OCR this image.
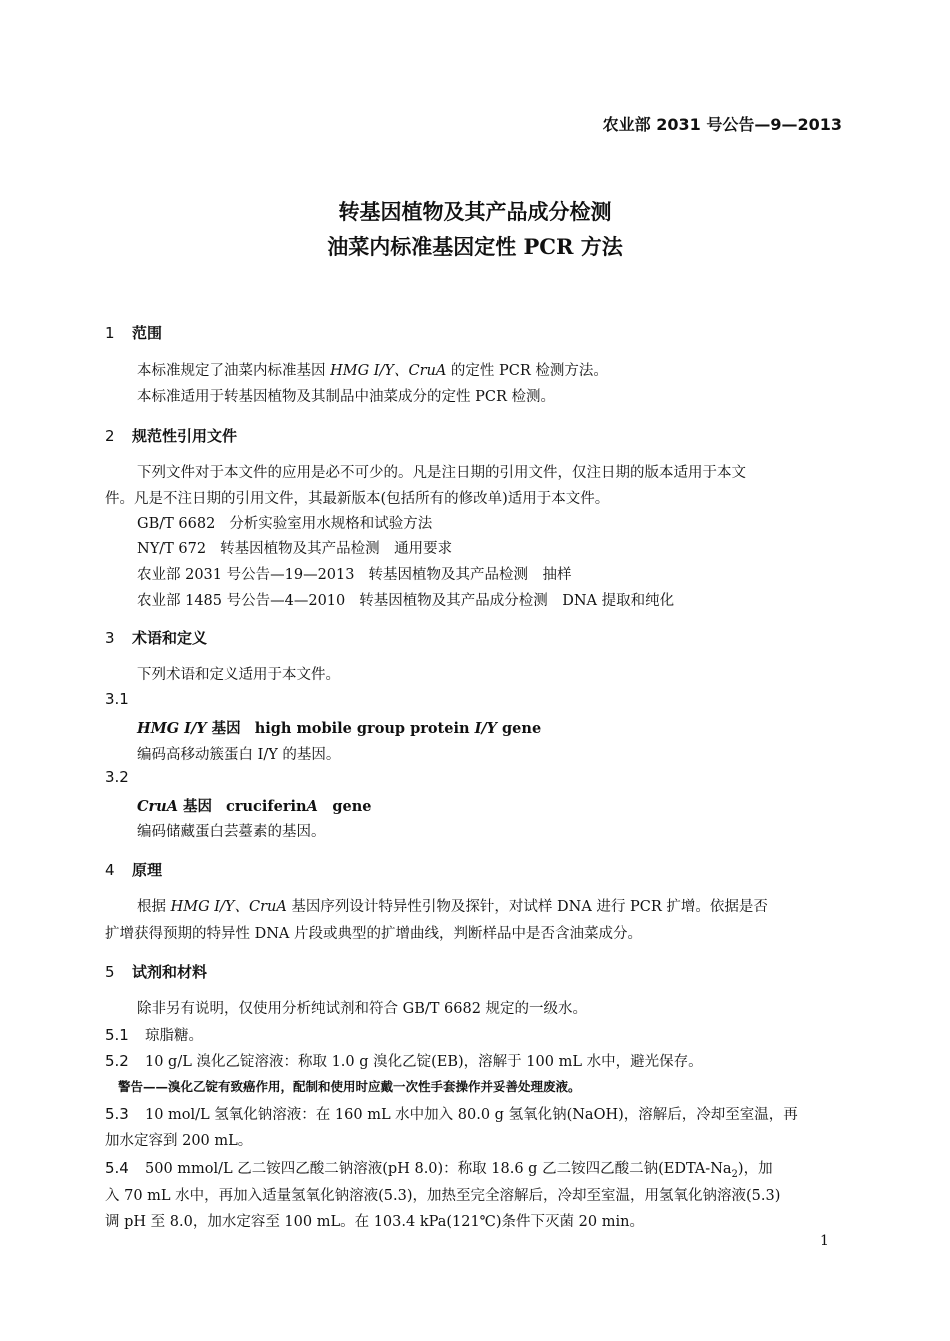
农业部 2031 号公告—9—2013
转基因植物及其产品成分检测
油菜内标准基因定性 PCR 方法
1 范围
本标准规定了油菜内标准基因 HMG I/Y、CruA 的定性 PCR 检测方法。
本标准适用于转基因植物及其制品中油菜成分的定性 PCR 检测。
2 规范性引用文件
下列文件对于本文件的应用是必不可少的。凡是注日期的引用文件，仅注日期的版本适用于本文
件。凡是不注日期的引用文件，其最新版本(包括所有的修改单)适用于本文件。
GB/T 6682 分析实验室用水规格和试验方法
NY/T 672 转基因植物及其产品检测　通用要求
农业部 2031 号公告—19—2013 转基因植物及其产品检测　抽样
农业部 1485 号公告—4—2010 转基因植物及其产品成分检测　DNA 提取和纯化
3 术语和定义
下列术语和定义适用于本文件。
3.1
HMG I/Y 基因 high mobile group protein I/Y gene
编码高移动簇蛋白 I/Y 的基因。
3.2
CruA 基因 cruciferinA　gene
编码储藏蛋白芸薹素的基因。
4 原理
根据 HMG I/Y、CruA 基因序列设计特异性引物及探针，对试样 DNA 进行 PCR 扩增。依据是否
扩增获得预期的特异性 DNA 片段或典型的扩增曲线，判断样品中是否含油菜成分。
5 试剂和材料
除非另有说明，仅使用分析纯试剂和符合 GB/T 6682 规定的一级水。
5.1 琼脂糖。
5.2 10 g/L 溴化乙锭溶液：称取 1.0 g 溴化乙锭(EB)，溶解于 100 mL 水中，避光保存。
警告——溴化乙锭有致癌作用，配制和使用时应戴一次性手套操作并妥善处理废液。
5.3 10 mol/L 氢氧化钠溶液：在 160 mL 水中加入 80.0 g 氢氧化钠(NaOH)，溶解后，冷却至室温，再
加水定容到 200 mL。
5.4 500 mmol/L 乙二铵四乙酸二钠溶液(pH 8.0)：称取 18.6 g 乙二铵四乙酸二钠$(EDTA-Na_2)$，加
入 70 mL 水中，再加入适量氢氧化钠溶液(5.3)，加热至完全溶解后，冷却至室温，用氢氧化钠溶液(5.3)
调 pH 至 8.0，加水定容至 100 mL。在 103.4 kPa(121℃)条件下灭菌 20 min。
1
